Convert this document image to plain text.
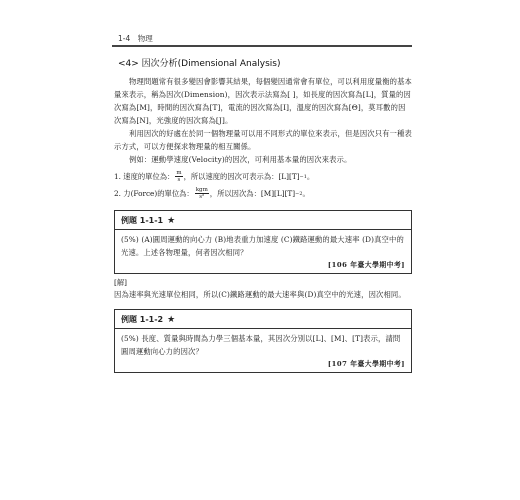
1-4　物理
<4> 因次分析(Dimensional Analysis)

物理問題常有很多變因會影響其結果，每個變因通常會有單位，可以利用度量衡的基本量來表示，稱為因次(Dimension)，因次表示法寫為[ ]，如長度的因次寫為[L]，質量的因次寫為[M]，時間的因次寫為[T]，電流的因次寫為[I]，溫度的因次寫為[Θ]，莫耳數的因次寫為[N]，光強度的因次寫為[J]。

利用因次的好處在於同一個物理量可以用不同形式的單位來表示，但是因次只有一種表示方式，可以方便探求物理量的相互關係。

例如：運動學速度(Velocity)的因次，可利用基本量的因次來表示。

1. 速度的單位為： $\frac{m}{s}$ ，所以速度的因次可表示為：[L][T] −1 。
2. 力(Force)的單位為： $\frac{\text{kgm}}{\text{s²}}$ ，所以因次為：[M][L][T] −2 。
例題 1-1-1 ★
(5%) (A)圓周運動的向心力 (B)地表重力加速度 (C)鐵路運動的最大速率 (D)真空中的光速。上述各物理量，何者因次相同？
[106 年臺大學期中考]
[解]
因為速率與光速單位相同，所以(C)鐵路運動的最大速率與(D)真空中的光速，因次相同。
例題 1-1-2 ★
(5%) 長度、質量與時間為力學三個基本量，其因次分別以[L]、[M]、[T]表示，請問圓周運動向心力的因次？
[107 年臺大學期中考]
